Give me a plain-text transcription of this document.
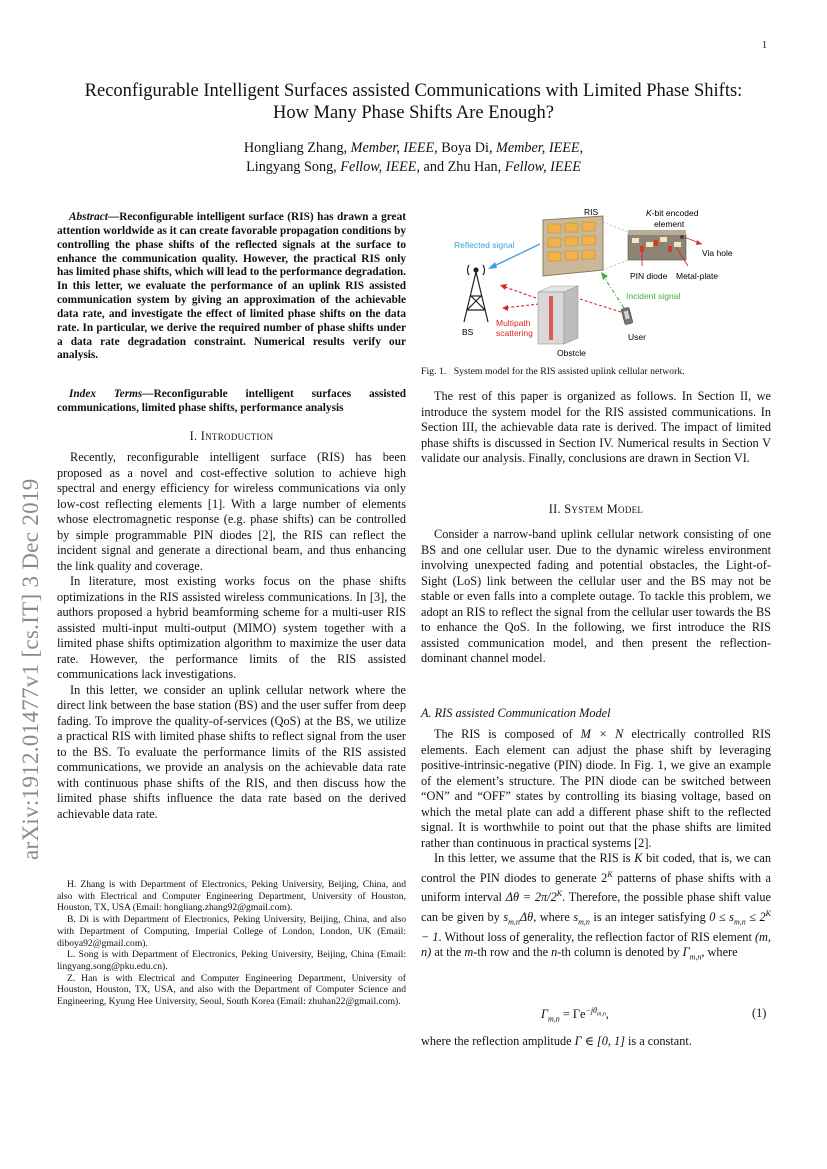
1
Reconfigurable Intelligent Surfaces assisted Communications with Limited Phase Shifts:
How Many Phase Shifts Are Enough?
Hongliang Zhang, Member, IEEE, Boya Di, Member, IEEE,
Lingyang Song, Fellow, IEEE, and Zhu Han, Fellow, IEEE
arXiv:1912.01477v1 [cs.IT] 3 Dec 2019
Abstract—Reconfigurable intelligent surface (RIS) has drawn a great attention worldwide as it can create favorable propagation conditions by controlling the phase shifts of the reflected signals at the surface to enhance the communication quality. However, the practical RIS only has limited phase shifts, which will lead to the performance degradation. In this letter, we evaluate the performance of an uplink RIS assisted communication system by giving an approximation of the achievable data rate, and investigate the effect of limited phase shifts on the data rate. In particular, we derive the required number of phase shifts under a data rate degradation constraint. Numerical results verify our analysis.
Index Terms—Reconfigurable intelligent surfaces assisted communications, limited phase shifts, performance analysis
I. Introduction

Recently, reconfigurable intelligent surface (RIS) has been proposed as a novel and cost-effective solution to achieve high spectral and energy efficiency for wireless communications via only low-cost reflecting elements [1]. With a large number of elements whose electromagnetic response (e.g. phase shifts) can be controlled by simple programmable PIN diodes [2], the RIS can reflect the incident signal and generate a directional beam, and thus enhancing the link quality and coverage.

In literature, most existing works focus on the phase shifts optimizations in the RIS assisted wireless communications. In [3], the authors proposed a hybrid beamforming scheme for a multi-user RIS assisted multi-input multi-output (MIMO) system together with a limited phase shifts optimization algorithm to maximize the user data rate. However, the performance limits of the RIS assisted communications lack investigations.

In this letter, we consider an uplink cellular network where the direct link between the base station (BS) and the user suffer from deep fading. To improve the quality-of-services (QoS) at the BS, we utilize a practical RIS with limited phase shifts to reflect signal from the user to the BS. To evaluate the performance limits of the RIS assisted communications, we provide an analysis on the achievable data rate with continuous phase shifts of the RIS, and then discuss how the limited phase shifts influence the data rate based on the derived achievable data rate.

H. Zhang is with Department of Electronics, Peking University, Beijing, China, and also with Electrical and Computer Engineering Department, University of Houston, Houston, TX, USA (Email: hongliang.zhang92@gmail.com).

B. Di is with Department of Electronics, Peking University, Beijing, China, and also with Department of Computing, Imperial College of London, London, UK (Email: diboya92@gmail.com).

L. Song is with Department of Electronics, Peking University, Beijing, China (Email: lingyang.song@pku.edu.cn).

Z. Han is with Electrical and Computer Engineering Department, University of Houston, Houston, TX, USA, and also with the Department of Computer Science and Engineering, Kyung Hee University, Seoul, South Korea (Email: zhuhan22@gmail.com).

RIS	K-bit encoded
element
Via hole
PIN diode Metal-plate
Reflected signal
Incident signal
BS
Multipath
scattering
Obstcle
User
Fig. 1. System model for the RIS assisted uplink cellular network.

The rest of this paper is organized as follows. In Section II, we introduce the system model for the RIS assisted communications. In Section III, the achievable data rate is derived. The impact of limited phase shifts is discussed in Section IV. Numerical results in Section V validate our analysis. Finally, conclusions are drawn in Section VI.

II. System Model

Consider a narrow-band uplink cellular network consisting of one BS and one cellular user. Due to the dynamic wireless environment involving unexpected fading and potential obstacles, the Light-of-Sight (LoS) link between the cellular user and the BS may not be stable or even falls into a complete outage. To tackle this problem, we adopt an RIS to reflect the signal from the cellular user towards the BS to enhance the QoS. In the following, we first introduce the RIS assisted communication model, and then present the reflection-dominant channel model.

A. RIS assisted Communication Model

The RIS is composed of M × N electrically controlled RIS elements. Each element can adjust the phase shift by leveraging positive-intrinsic-negative (PIN) diode. In Fig. 1, we give an example of the element’s structure. The PIN diode can be switched between “ON” and “OFF” states by controlling its biasing voltage, based on which the metal plate can add a different phase shift to the reflected signal. It is worthwhile to point out that the phase shifts are limited rather than continuous in practical systems [2].

In this letter, we assume that the RIS is K bit coded, that is, we can control the PIN diodes to generate $2^K$ patterns of phase shifts with a uniform interval $\Delta\theta = 2\pi/2^K$. Therefore, the possible phase shift value can be given by $s_{m,n}\Delta\theta$, where $s_{m,n}$ is an integer satisfying $0 \le s_{m,n} \le 2^K - 1$. Without loss of generality, the reflection factor of RIS element (m, n) at the m-th row and the n-th column is denoted by $\Gamma_{m,n}$, where

$\Gamma_{m,n} = \Gamma e^{-j\theta_{m,n}}$,	(1)

where the reflection amplitude Γ ∈ [0, 1] is a constant.
